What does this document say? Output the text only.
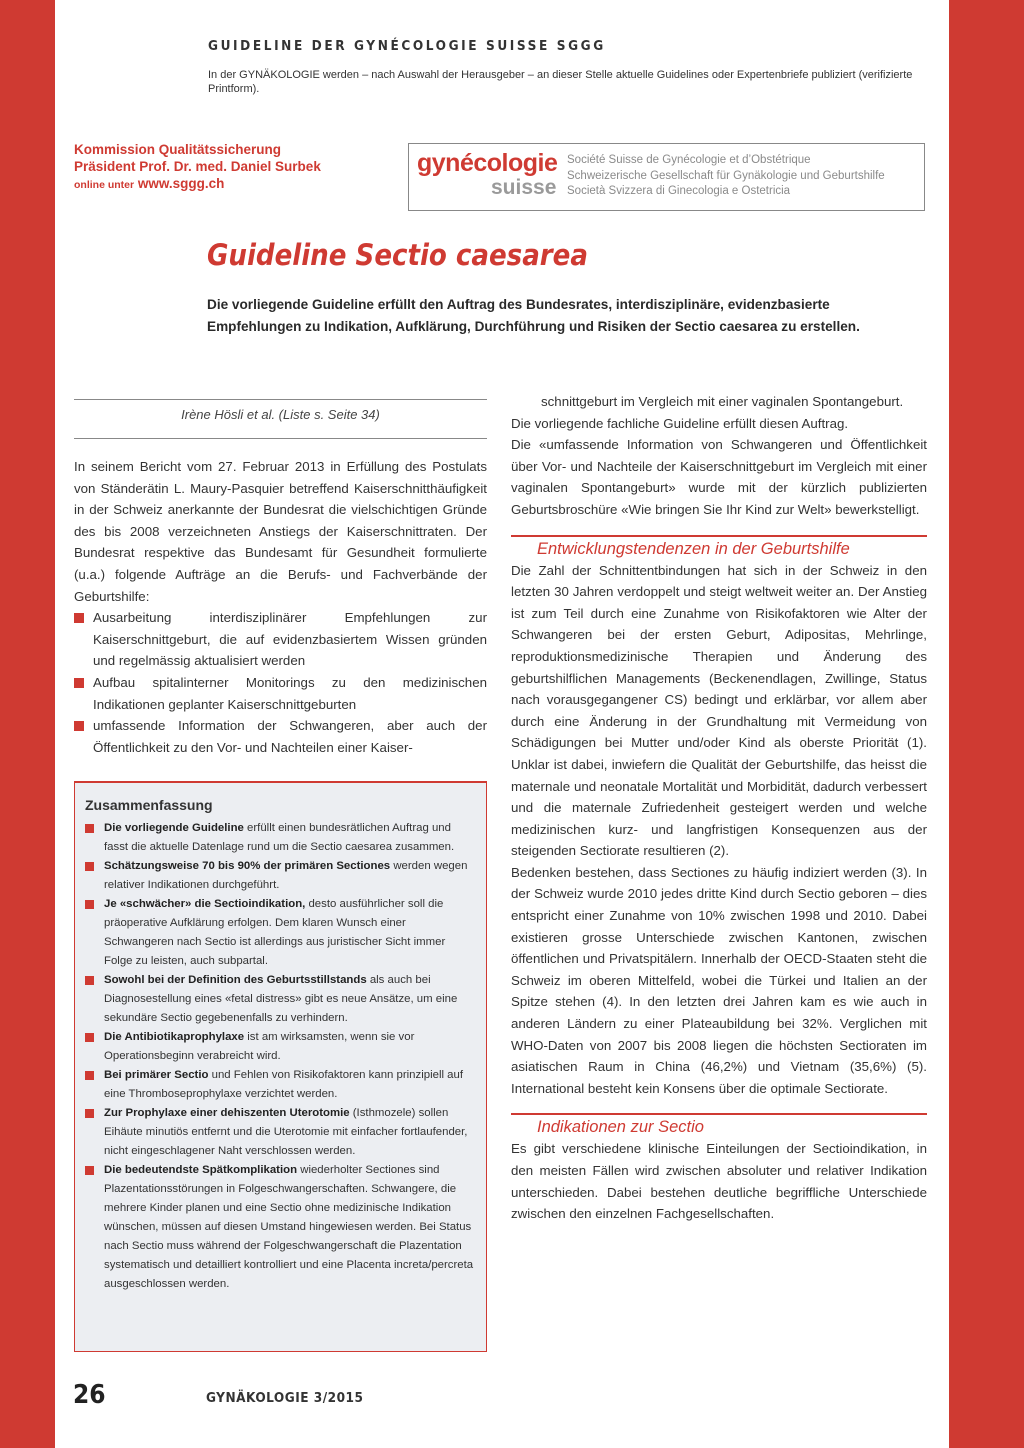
GUIDELINE DER GYNÉCOLOGIE SUISSE SGGG
In der GYNÄKOLOGIE werden – nach Auswahl der Herausgeber – an dieser Stelle aktuelle Guidelines oder Expertenbriefe publiziert (verifizierte Printform).
Kommission Qualitätssicherung
Präsident Prof. Dr. med. Daniel Surbek
online unter www.sggg.ch
gynécologie
suisse
Société Suisse de Gynécologie et d’Obstétrique
Schweizerische Gesellschaft für Gynäkologie und Geburtshilfe
Società Svizzera di Ginecologia e Ostetricia
Guideline Sectio caesarea
Die vorliegende Guideline erfüllt den Auftrag des Bundesrates, interdisziplinäre, evidenzbasierte Empfehlungen zu Indikation, Aufklärung, Durchführung und Risiken der Sectio caesarea zu erstellen.
Irène Hösli et al. (Liste s. Seite 34)

In seinem Bericht vom 27. Februar 2013 in Erfüllung des Postulats von Ständerätin L. Maury-Pasquier betreffend Kaiserschnitthäufigkeit in der Schweiz anerkannte der Bundesrat die vielschichtigen Gründe des bis 2008 verzeichneten Anstiegs der Kaiserschnittraten. Der Bundesrat respektive das Bundesamt für Gesundheit formulierte (u.a.) folgende Aufträge an die Berufs- und Fachverbände der Geburtshilfe:

Ausarbeitung interdisziplinärer Empfehlungen zur Kaiserschnittgeburt, die auf evidenzbasiertem Wissen gründen und regelmässig aktualisiert werden
Aufbau spitalinterner Monitorings zu den medizinischen Indikationen geplanter Kaiserschnittgeburten
umfassende Information der Schwangeren, aber auch der Öffentlichkeit zu den Vor- und Nachteilen einer Kaiser-
Zusammenfassung
Die vorliegende Guideline erfüllt einen bundesrätlichen Auftrag und fasst die aktuelle Datenlage rund um die Sectio caesarea zusammen.
Schätzungsweise 70 bis 90% der primären Sectiones werden wegen relativer Indikationen durchgeführt.
Je «schwächer» die Sectioindikation, desto ausführlicher soll die präoperative Aufklärung erfolgen. Dem klaren Wunsch einer Schwangeren nach Sectio ist allerdings aus juristischer Sicht immer Folge zu leisten, auch subpartal.
Sowohl bei der Definition des Geburtsstillstands als auch bei Diagnosestellung eines «fetal distress» gibt es neue Ansätze, um eine sekundäre Sectio gegebenenfalls zu verhindern.
Die Antibiotikaprophylaxe ist am wirksamsten, wenn sie vor Operationsbeginn verabreicht wird.
Bei primärer Sectio und Fehlen von Risikofaktoren kann prinzipiell auf eine Thromboseprophylaxe verzichtet werden.
Zur Prophylaxe einer dehiszenten Uterotomie (Isthmozele) sollen Eihäute minutiös entfernt und die Uterotomie mit einfacher fortlaufender, nicht eingeschlagener Naht verschlossen werden.
Die bedeutendste Spätkomplikation wiederholter Sectiones sind Plazentationsstörungen in Folgeschwangerschaften. Schwangere, die mehrere Kinder planen und eine Sectio ohne medizinische Indikation wünschen, müssen auf diesen Umstand hingewiesen werden. Bei Status nach Sectio muss während der Folgeschwangerschaft die Plazentation systematisch und detailliert kontrolliert und eine Placenta increta/percreta ausgeschlossen werden.

schnittgeburt im Vergleich mit einer vaginalen Spontangeburt.

Die vorliegende fachliche Guideline erfüllt diesen Auftrag.

Die «umfassende Information von Schwangeren und Öffentlichkeit über Vor- und Nachteile der Kaiserschnittgeburt im Vergleich mit einer vaginalen Spontangeburt» wurde mit der kürzlich publizierten Geburtsbroschüre «Wie bringen Sie Ihr Kind zur Welt» bewerkstelligt.

Entwicklungstendenzen in der Geburtshilfe

Die Zahl der Schnittentbindungen hat sich in der Schweiz in den letzten 30 Jahren verdoppelt und steigt weltweit weiter an. Der Anstieg ist zum Teil durch eine Zunahme von Risikofaktoren wie Alter der Schwangeren bei der ersten Geburt, Adipositas, Mehrlinge, reproduktionsmedizinische Therapien und Änderung des geburtshilflichen Managements (Beckenendlagen, Zwillinge, Status nach vorausgegangener CS) bedingt und erklärbar, vor allem aber durch eine Änderung in der Grundhaltung mit Vermeidung von Schädigungen bei Mutter und/oder Kind als oberste Priorität (1). Unklar ist dabei, inwiefern die Qualität der Geburtshilfe, das heisst die maternale und neonatale Mortalität und Morbidität, dadurch verbessert und die maternale Zufriedenheit gesteigert werden und welche medizinischen kurz- und langfristigen Konsequenzen aus der steigenden Sectiorate resultieren (2).

Bedenken bestehen, dass Sectiones zu häufig indiziert werden (3). In der Schweiz wurde 2010 jedes dritte Kind durch Sectio geboren – dies entspricht einer Zunahme von 10% zwischen 1998 und 2010. Dabei existieren grosse Unterschiede zwischen Kantonen, zwischen öffentlichen und Privatspitälern. Innerhalb der OECD-Staaten steht die Schweiz im oberen Mittelfeld, wobei die Türkei und Italien an der Spitze stehen (4). In den letzten drei Jahren kam es wie auch in anderen Ländern zu einer Plateaubildung bei 32%. Verglichen mit WHO-Daten von 2007 bis 2008 liegen die höchsten Sectioraten im asiatischen Raum in China (46,2%) und Vietnam (35,6%) (5). International besteht kein Konsens über die optimale Sectiorate.

Indikationen zur Sectio

Es gibt verschiedene klinische Einteilungen der Sectioindikation, in den meisten Fällen wird zwischen absoluter und relativer Indikation unterschieden. Dabei bestehen deutliche begriffliche Unterschiede zwischen den einzelnen Fachgesellschaften.

26	GYNÄKOLOGIE 3/2015
